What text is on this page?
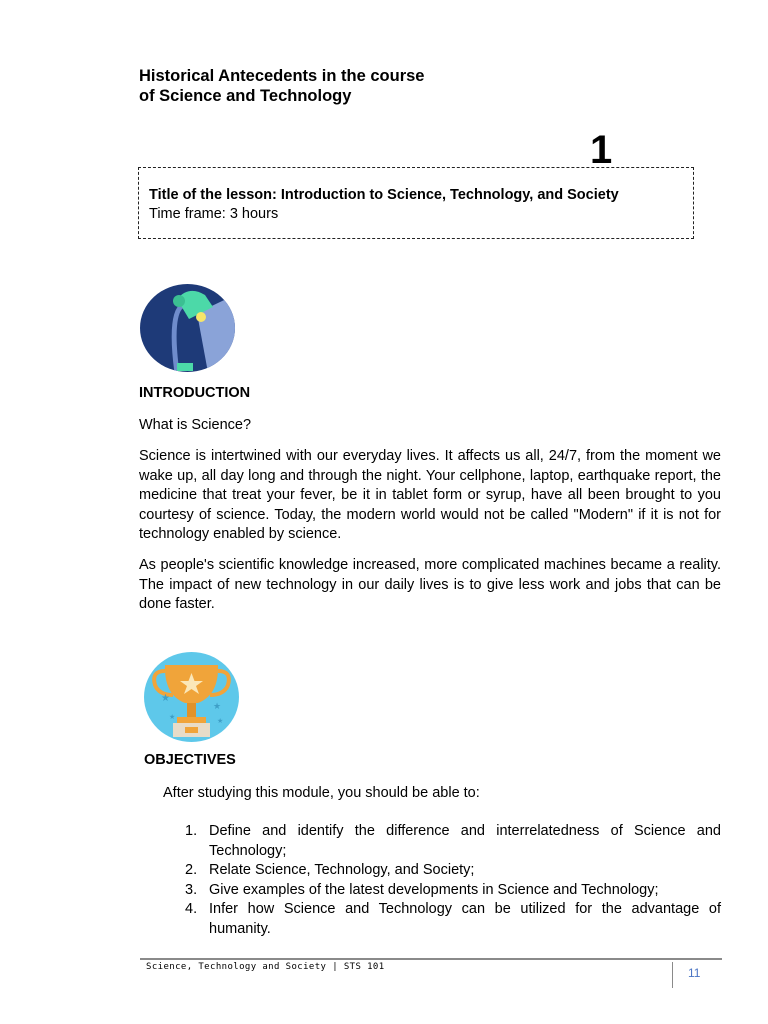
Historical Antecedents in the course
of Science and Technology
1
Title of the lesson: Introduction to Science, Technology, and Society
Time frame: 3 hours
INTRODUCTION
What is Science?
Science is intertwined with our everyday lives. It affects us all, 24/7, from the moment we wake up, all day long and through the night. Your cellphone, laptop, earthquake report, the medicine that treat your fever, be it in tablet form or syrup, have all been brought to you courtesy of science. Today, the modern world would not be called "Modern" if it is not for technology enabled by science.
As people's scientific knowledge increased, more complicated machines became a reality. The impact of new technology in our daily lives is to give less work and jobs that can be done faster.
★
★
★	★
OBJECTIVES
After studying this module, you should be able to:
1. Define and identify the difference and interrelatedness of Science and Technology;
2. Relate Science, Technology, and Society;
3. Give examples of the latest developments in Science and Technology;
4. Infer how Science and Technology can be utilized for the advantage of humanity.
Science, Technology and Society | STS 101	11
